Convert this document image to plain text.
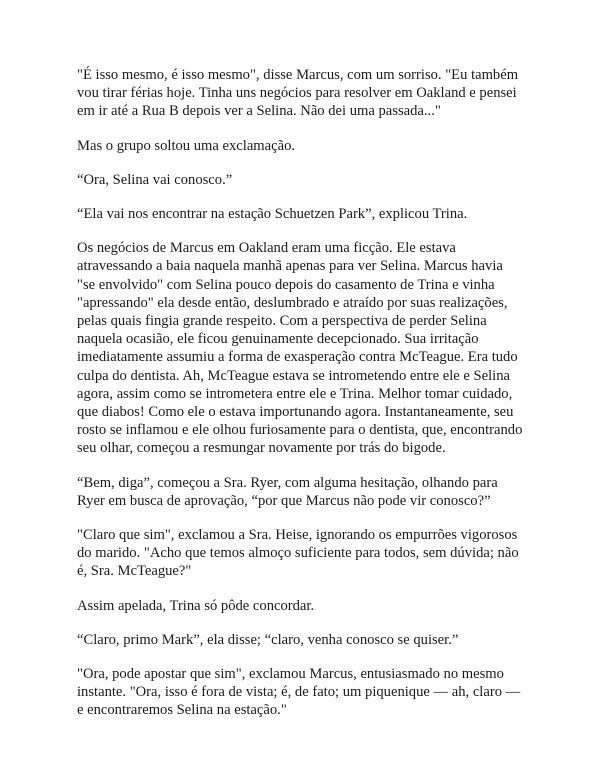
"É isso mesmo, é isso mesmo", disse Marcus, com um sorriso. "Eu também
vou tirar férias hoje. Tinha uns negócios para resolver em Oakland e pensei
em ir até a Rua B depois ver a Selina. Não dei uma passada..."

Mas o grupo soltou uma exclamação.

“Ora, Selina vai conosco.”

“Ela vai nos encontrar na estação Schuetzen Park”, explicou Trina.

Os negócios de Marcus em Oakland eram uma ficção. Ele estava
atravessando a baia naquela manhã apenas para ver Selina. Marcus havia
"se envolvido" com Selina pouco depois do casamento de Trina e vinha
"apressando" ela desde então, deslumbrado e atraído por suas realizações,
pelas quais fingia grande respeito. Com a perspectiva de perder Selina
naquela ocasião, ele ficou genuinamente decepcionado. Sua irritação
imediatamente assumiu a forma de exasperação contra McTeague. Era tudo
culpa do dentista. Ah, McTeague estava se intrometendo entre ele e Selina
agora, assim como se intrometera entre ele e Trina. Melhor tomar cuidado,
que diabos! Como ele o estava importunando agora. Instantaneamente, seu
rosto se inflamou e ele olhou furiosamente para o dentista, que, encontrando
seu olhar, começou a resmungar novamente por trás do bigode.

“Bem, diga”, começou a Sra. Ryer, com alguma hesitação, olhando para
Ryer em busca de aprovação, “por que Marcus não pode vir conosco?”

"Claro que sim", exclamou a Sra. Heise, ignorando os empurrões vigorosos
do marido. "Acho que temos almoço suficiente para todos, sem dúvida; não
é, Sra. McTeague?"

Assim apelada, Trina só pôde concordar.

“Claro, primo Mark”, ela disse; “claro, venha conosco se quiser.”

"Ora, pode apostar que sim", exclamou Marcus, entusiasmado no mesmo
instante. "Ora, isso é fora de vista; é, de fato; um piquenique — ah, claro —
e encontraremos Selina na estação."
